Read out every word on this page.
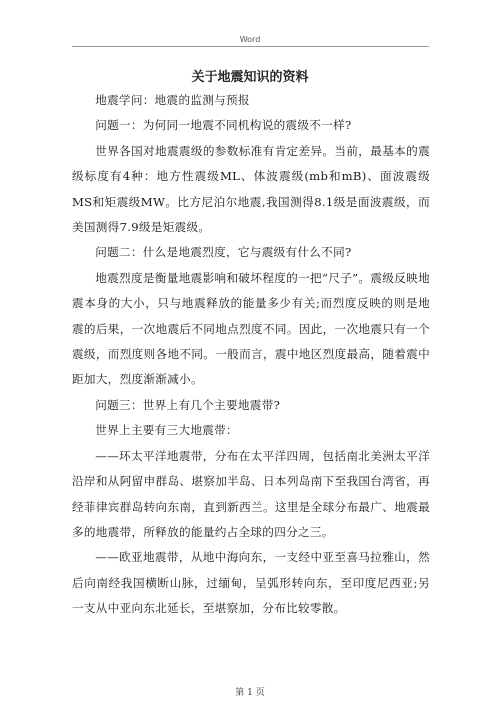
Word
关于地震知识的资料

地震学问：地震的监测与预报

问题一：为何同一地震不同机构说的震级不一样?

世界各国对地震震级的参数标准有肯定差异。当前，最基本的震级标度有4种：地方性震级ML、体波震级(mb和mB)、面波震级MS和矩震级MW。比方尼泊尔地震,我国测得8.1级是面波震级，而美国测得7.9级是矩震级。

问题二：什么是地震烈度，它与震级有什么不同?

地震烈度是衡量地震影响和破坏程度的一把“尺子”。震级反映地震本身的大小，只与地震释放的能量多少有关;而烈度反映的则是地震的后果，一次地震后不同地点烈度不同。因此，一次地震只有一个震级，而烈度则各地不同。一般而言，震中地区烈度最高，随着震中距加大，烈度渐渐减小。

问题三：世界上有几个主要地震带?

世界上主要有三大地震带：

——环太平洋地震带，分布在太平洋四周，包括南北美洲太平洋沿岸和从阿留申群岛、堪察加半岛、日本列岛南下至我国台湾省，再经菲律宾群岛转向东南，直到新西兰。这里是全球分布最广、地震最多的地震带，所释放的能量约占全球的四分之三。

——欧亚地震带，从地中海向东，一支经中亚至喜马拉雅山，然后向南经我国横断山脉，过缅甸，呈弧形转向东，至印度尼西亚;另一支从中亚向东北延长，至堪察加，分布比较零散。

第 1 页
